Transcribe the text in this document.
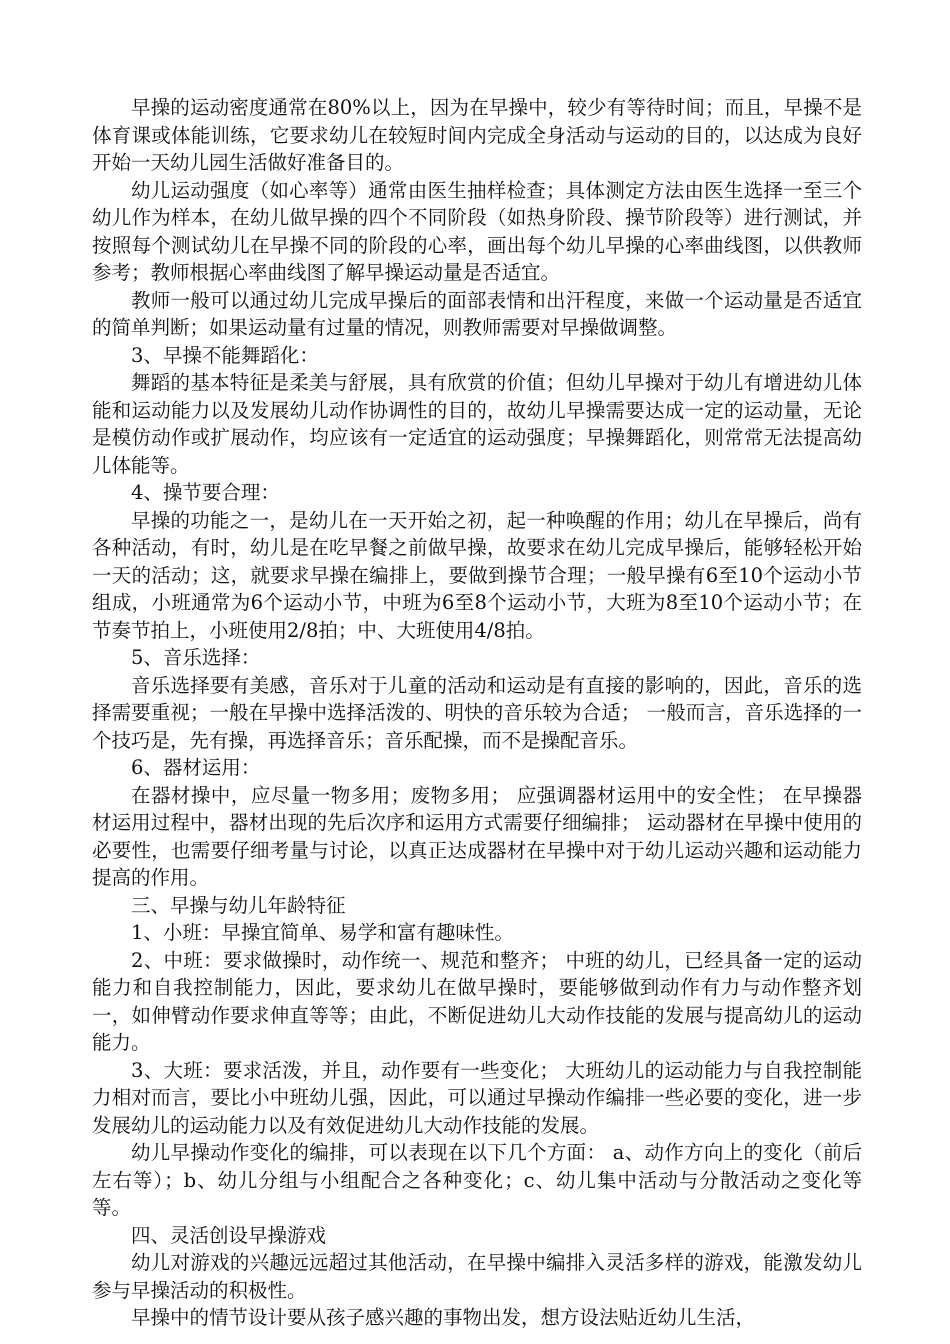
早操的运动密度通常在80%以上，因为在早操中，较少有等待时间；而且，早操不是体育课或体能训练，它要求幼儿在较短时间内完成全身活动与运动的目的，以达成为良好开始一天幼儿园生活做好准备目的。

幼儿运动强度（如心率等）通常由医生抽样检查；具体测定方法由医生选择一至三个幼儿作为样本，在幼儿做早操的四个不同阶段（如热身阶段、操节阶段等）进行测试，并按照每个测试幼儿在早操不同的阶段的心率，画出每个幼儿早操的心率曲线图，以供教师参考；教师根据心率曲线图了解早操运动量是否适宜。

教师一般可以通过幼儿完成早操后的面部表情和出汗程度，来做一个运动量是否适宜的简单判断；如果运动量有过量的情况，则教师需要对早操做调整。

3、早操不能舞蹈化：

舞蹈的基本特征是柔美与舒展，具有欣赏的价值；但幼儿早操对于幼儿有增进幼儿体能和运动能力以及发展幼儿动作协调性的目的，故幼儿早操需要达成一定的运动量，无论是模仿动作或扩展动作，均应该有一定适宜的运动强度；早操舞蹈化，则常常无法提高幼儿体能等。

4、操节要合理：

早操的功能之一，是幼儿在一天开始之初，起一种唤醒的作用；幼儿在早操后，尚有各种活动，有时，幼儿是在吃早餐之前做早操，故要求在幼儿完成早操后，能够轻松开始一天的活动；这，就要求早操在编排上，要做到操节合理；一般早操有6至10个运动小节组成，小班通常为6个运动小节，中班为6至8个运动小节，大班为8至10个运动小节；在节奏节拍上，小班使用2/8拍；中、大班使用4/8拍。

5、音乐选择：

音乐选择要有美感，音乐对于儿童的活动和运动是有直接的影响的，因此，音乐的选择需要重视；一般在早操中选择活泼的、明快的音乐较为合适； 一般而言，音乐选择的一个技巧是，先有操，再选择音乐；音乐配操，而不是操配音乐。

6、器材运用：

在器材操中，应尽量一物多用；废物多用； 应强调器材运用中的安全性； 在早操器材运用过程中，器材出现的先后次序和运用方式需要仔细编排； 运动器材在早操中使用的必要性，也需要仔细考量与讨论，以真正达成器材在早操中对于幼儿运动兴趣和运动能力提高的作用。

三、早操与幼儿年龄特征

1、小班：早操宜简单、易学和富有趣味性。

2、中班：要求做操时，动作统一、规范和整齐； 中班的幼儿，已经具备一定的运动能力和自我控制能力，因此，要求幼儿在做早操时，要能够做到动作有力与动作整齐划一，如伸臂动作要求伸直等等；由此，不断促进幼儿大动作技能的发展与提高幼儿的运动能力。

3、大班：要求活泼，并且，动作要有一些变化； 大班幼儿的运动能力与自我控制能力相对而言，要比小中班幼儿强，因此，可以通过早操动作编排一些必要的变化，进一步发展幼儿的运动能力以及有效促进幼儿大动作技能的发展。

幼儿早操动作变化的编排，可以表现在以下几个方面： a、动作方向上的变化（前后左右等）；b、幼儿分组与小组配合之各种变化；c、幼儿集中活动与分散活动之变化等等。

四、灵活创设早操游戏

幼儿对游戏的兴趣远远超过其他活动，在早操中编排入灵活多样的游戏，能激发幼儿参与早操活动的积极性。

早操中的情节设计要从孩子感兴趣的事物出发，想方设法贴近幼儿生活，
